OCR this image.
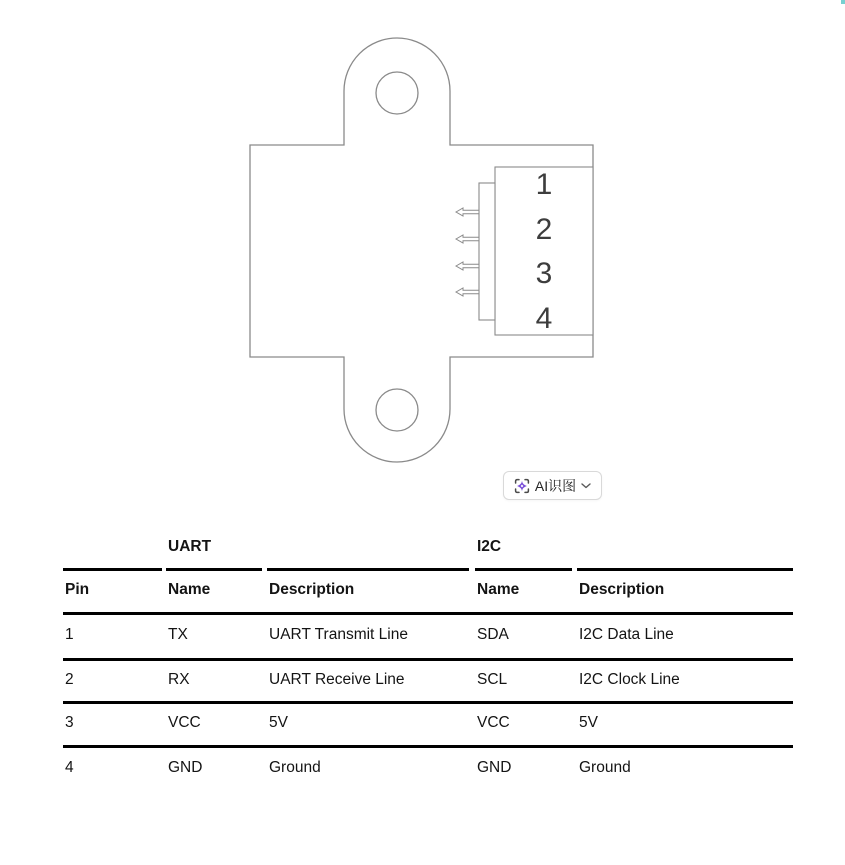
1
2
3
4
AI识图
UART	I2C
Pin	Name	Description	Name	Description
1	TX	UART Transmit Line	SDA	I2C Data Line
2	RX	UART Receive Line	SCL	I2C Clock Line
3	VCC	5V	VCC	5V
4	GND	Ground	GND	Ground
